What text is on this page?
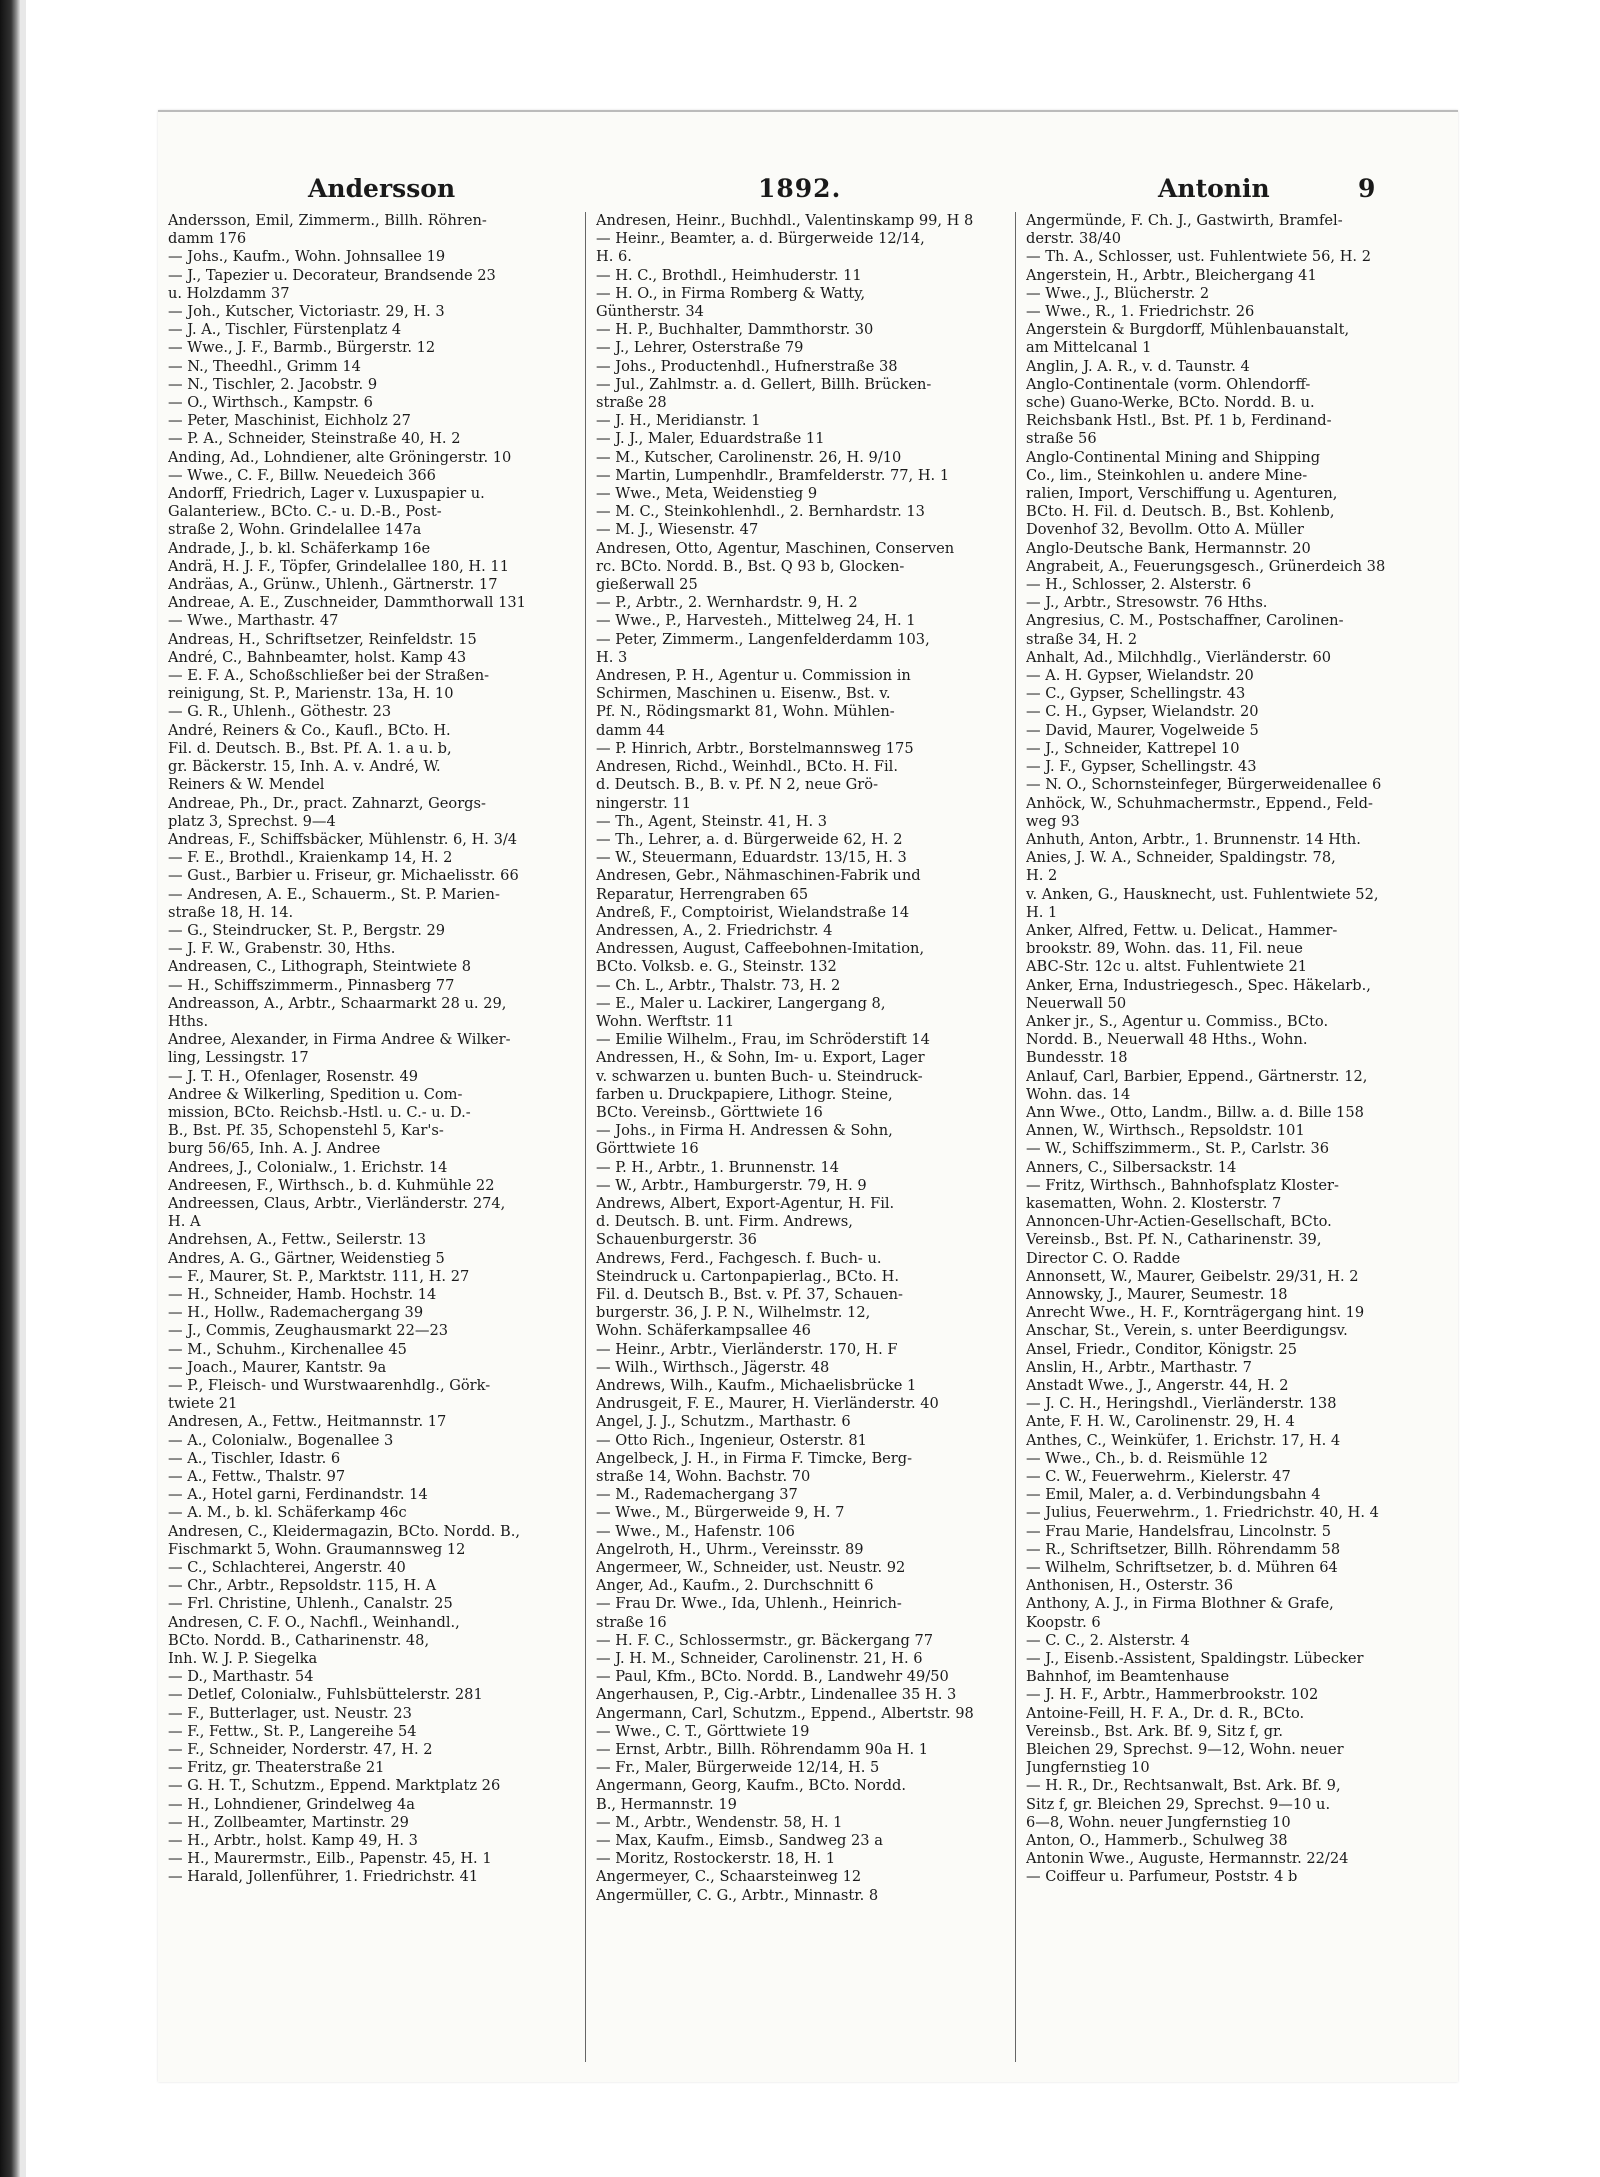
Andersson	1892.	Antonin	9
Andersson, Emil, Zimmerm., Billh. Röhren-
damm 176
— Johs., Kaufm., Wohn. Johnsallee 19
— J., Tapezier u. Decorateur, Brandsende 23
u. Holzdamm 37
— Joh., Kutscher, Victoriastr. 29, H. 3
— J. A., Tischler, Fürstenplatz 4
— Wwe., J. F., Barmb., Bürgerstr. 12
— N., Theedhl., Grimm 14
— N., Tischler, 2. Jacobstr. 9
— O., Wirthsch., Kampstr. 6
— Peter, Maschinist, Eichholz 27
— P. A., Schneider, Steinstraße 40, H. 2
Anding, Ad., Lohndiener, alte Gröningerstr. 10
— Wwe., C. F., Billw. Neuedeich 366
Andorff, Friedrich, Lager v. Luxuspapier u.
Galanteriew., BCto. C.- u. D.-B., Post-
straße 2, Wohn. Grindelallee 147a
Andrade, J., b. kl. Schäferkamp 16e
Andrä, H. J. F., Töpfer, Grindelallee 180, H. 11
Andräas, A., Grünw., Uhlenh., Gärtnerstr. 17
Andreae, A. E., Zuschneider, Dammthorwall 131
— Wwe., Marthastr. 47
Andreas, H., Schriftsetzer, Reinfeldstr. 15
André, C., Bahnbeamter, holst. Kamp 43
— E. F. A., Schoßschließer bei der Straßen-
reinigung, St. P., Marienstr. 13a, H. 10
— G. R., Uhlenh., Göthestr. 23
André, Reiners & Co., Kaufl., BCto. H.
Fil. d. Deutsch. B., Bst. Pf. A. 1. a u. b,
gr. Bäckerstr. 15, Inh. A. v. André, W.
Reiners & W. Mendel
Andreae, Ph., Dr., pract. Zahnarzt, Georgs-
platz 3, Sprechst. 9—4
Andreas, F., Schiffsbäcker, Mühlenstr. 6, H. 3/4
— F. E., Brothdl., Kraienkamp 14, H. 2
— Gust., Barbier u. Friseur, gr. Michaelisstr. 66
— Andresen, A. E., Schauerm., St. P. Marien-
straße 18, H. 14.
— G., Steindrucker, St. P., Bergstr. 29
— J. F. W., Grabenstr. 30, Hths.
Andreasen, C., Lithograph, Steintwiete 8
— H., Schiffszimmerm., Pinnasberg 77
Andreasson, A., Arbtr., Schaarmarkt 28 u. 29,
Hths.
Andree, Alexander, in Firma Andree & Wilker-
ling, Lessingstr. 17
— J. T. H., Ofenlager, Rosenstr. 49
Andree & Wilkerling, Spedition u. Com-
mission, BCto. Reichsb.-Hstl. u. C.- u. D.-
B., Bst. Pf. 35, Schopenstehl 5, Kar's-
burg 56/65, Inh. A. J. Andree
Andrees, J., Colonialw., 1. Erichstr. 14
Andreesen, F., Wirthsch., b. d. Kuhmühle 22
Andreessen, Claus, Arbtr., Vierländerstr. 274,
H. A
Andrehsen, A., Fettw., Seilerstr. 13
Andres, A. G., Gärtner, Weidenstieg 5
— F., Maurer, St. P., Marktstr. 111, H. 27
— H., Schneider, Hamb. Hochstr. 14
— H., Hollw., Rademachergang 39
— J., Commis, Zeughausmarkt 22—23
— M., Schuhm., Kirchenallee 45
— Joach., Maurer, Kantstr. 9a
— P., Fleisch- und Wurstwaarenhdlg., Görk-
twiete 21
Andresen, A., Fettw., Heitmannstr. 17
— A., Colonialw., Bogenallee 3
— A., Tischler, Idastr. 6
— A., Fettw., Thalstr. 97
— A., Hotel garni, Ferdinandstr. 14
— A. M., b. kl. Schäferkamp 46c
Andresen, C., Kleidermagazin, BCto. Nordd. B.,
Fischmarkt 5, Wohn. Graumannsweg 12
— C., Schlachterei, Angerstr. 40
— Chr., Arbtr., Repsoldstr. 115, H. A
— Frl. Christine, Uhlenh., Canalstr. 25
Andresen, C. F. O., Nachfl., Weinhandl.,
BCto. Nordd. B., Catharinenstr. 48,
Inh. W. J. P. Siegelka
— D., Marthastr. 54
— Detlef, Colonialw., Fuhlsbüttelerstr. 281
— F., Butterlager, ust. Neustr. 23
— F., Fettw., St. P., Langereihe 54
— F., Schneider, Norderstr. 47, H. 2
— Fritz, gr. Theaterstraße 21
— G. H. T., Schutzm., Eppend. Marktplatz 26
— H., Lohndiener, Grindelweg 4a
— H., Zollbeamter, Martinstr. 29
— H., Arbtr., holst. Kamp 49, H. 3
— H., Maurermstr., Eilb., Papenstr. 45, H. 1
— Harald, Jollenführer, 1. Friedrichstr. 41
Andresen, Heinr., Buchhdl., Valentinskamp 99, H 8
— Heinr., Beamter, a. d. Bürgerweide 12/14,
H. 6.
— H. C., Brothdl., Heimhuderstr. 11
— H. O., in Firma Romberg & Watty,
Güntherstr. 34
— H. P., Buchhalter, Dammthorstr. 30
— J., Lehrer, Osterstraße 79
— Johs., Productenhdl., Hufnerstraße 38
— Jul., Zahlmstr. a. d. Gellert, Billh. Brücken-
straße 28
— J. H., Meridianstr. 1
— J. J., Maler, Eduardstraße 11
— M., Kutscher, Carolinenstr. 26, H. 9/10
— Martin, Lumpenhdlr., Bramfelderstr. 77, H. 1
— Wwe., Meta, Weidenstieg 9
— M. C., Steinkohlenhdl., 2. Bernhardstr. 13
— M. J., Wiesenstr. 47
Andresen, Otto, Agentur, Maschinen, Conserven
rc. BCto. Nordd. B., Bst. Q 93 b, Glocken-
gießerwall 25
— P., Arbtr., 2. Wernhardstr. 9, H. 2
— Wwe., P., Harvesteh., Mittelweg 24, H. 1
— Peter, Zimmerm., Langenfelderdamm 103,
H. 3
Andresen, P. H., Agentur u. Commission in
Schirmen, Maschinen u. Eisenw., Bst. v.
Pf. N., Rödingsmarkt 81, Wohn. Mühlen-
damm 44
— P. Hinrich, Arbtr., Borstelmannsweg 175
Andresen, Richd., Weinhdl., BCto. H. Fil.
d. Deutsch. B., B. v. Pf. N 2, neue Grö-
ningerstr. 11
— Th., Agent, Steinstr. 41, H. 3
— Th., Lehrer, a. d. Bürgerweide 62, H. 2
— W., Steuermann, Eduardstr. 13/15, H. 3
Andresen, Gebr., Nähmaschinen-Fabrik und
Reparatur, Herrengraben 65
Andreß, F., Comptoirist, Wielandstraße 14
Andressen, A., 2. Friedrichstr. 4
Andressen, August, Caffeebohnen-Imitation,
BCto. Volksb. e. G., Steinstr. 132
— Ch. L., Arbtr., Thalstr. 73, H. 2
— E., Maler u. Lackirer, Langergang 8,
Wohn. Werftstr. 11
— Emilie Wilhelm., Frau, im Schröderstift 14
Andressen, H., & Sohn, Im- u. Export, Lager
v. schwarzen u. bunten Buch- u. Steindruck-
farben u. Druckpapiere, Lithogr. Steine,
BCto. Vereinsb., Görttwiete 16
— Johs., in Firma H. Andressen & Sohn,
Görttwiete 16
— P. H., Arbtr., 1. Brunnenstr. 14
— W., Arbtr., Hamburgerstr. 79, H. 9
Andrews, Albert, Export-Agentur, H. Fil.
d. Deutsch. B. unt. Firm. Andrews,
Schauenburgerstr. 36
Andrews, Ferd., Fachgesch. f. Buch- u.
Steindruck u. Cartonpapierlag., BCto. H.
Fil. d. Deutsch B., Bst. v. Pf. 37, Schauen-
burgerstr. 36, J. P. N., Wilhelmstr. 12,
Wohn. Schäferkampsallee 46
— Heinr., Arbtr., Vierländerstr. 170, H. F
— Wilh., Wirthsch., Jägerstr. 48
Andrews, Wilh., Kaufm., Michaelisbrücke 1
Andrusgeit, F. E., Maurer, H. Vierländerstr. 40
Angel, J. J., Schutzm., Marthastr. 6
— Otto Rich., Ingenieur, Osterstr. 81
Angelbeck, J. H., in Firma F. Timcke, Berg-
straße 14, Wohn. Bachstr. 70
— M., Rademachergang 37
— Wwe., M., Bürgerweide 9, H. 7
— Wwe., M., Hafenstr. 106
Angelroth, H., Uhrm., Vereinsstr. 89
Angermeer, W., Schneider, ust. Neustr. 92
Anger, Ad., Kaufm., 2. Durchschnitt 6
— Frau Dr. Wwe., Ida, Uhlenh., Heinrich-
straße 16
— H. F. C., Schlossermstr., gr. Bäckergang 77
— J. H. M., Schneider, Carolinenstr. 21, H. 6
— Paul, Kfm., BCto. Nordd. B., Landwehr 49/50
Angerhausen, P., Cig.-Arbtr., Lindenallee 35 H. 3
Angermann, Carl, Schutzm., Eppend., Albertstr. 98
— Wwe., C. T., Görttwiete 19
— Ernst, Arbtr., Billh. Röhrendamm 90a H. 1
— Fr., Maler, Bürgerweide 12/14, H. 5
Angermann, Georg, Kaufm., BCto. Nordd.
B., Hermannstr. 19
— M., Arbtr., Wendenstr. 58, H. 1
— Max, Kaufm., Eimsb., Sandweg 23 a
— Moritz, Rostockerstr. 18, H. 1
Angermeyer, C., Schaarsteinweg 12
Angermüller, C. G., Arbtr., Minnastr. 8
Angermünde, F. Ch. J., Gastwirth, Bramfel-
derstr. 38/40
— Th. A., Schlosser, ust. Fuhlentwiete 56, H. 2
Angerstein, H., Arbtr., Bleichergang 41
— Wwe., J., Blücherstr. 2
— Wwe., R., 1. Friedrichstr. 26
Angerstein & Burgdorff, Mühlenbauanstalt,
am Mittelcanal 1
Anglin, J. A. R., v. d. Taunstr. 4
Anglo-Continentale (vorm. Ohlendorff-
sche) Guano-Werke, BCto. Nordd. B. u.
Reichsbank Hstl., Bst. Pf. 1 b, Ferdinand-
straße 56
Anglo-Continental Mining and Shipping
Co., lim., Steinkohlen u. andere Mine-
ralien, Import, Verschiffung u. Agenturen,
BCto. H. Fil. d. Deutsch. B., Bst. Kohlenb,
Dovenhof 32, Bevollm. Otto A. Müller
Anglo-Deutsche Bank, Hermannstr. 20
Angrabeit, A., Feuerungsgesch., Grünerdeich 38
— H., Schlosser, 2. Alsterstr. 6
— J., Arbtr., Stresowstr. 76 Hths.
Angresius, C. M., Postschaffner, Carolinen-
straße 34, H. 2
Anhalt, Ad., Milchhdlg., Vierländerstr. 60
— A. H. Gypser, Wielandstr. 20
— C., Gypser, Schellingstr. 43
— C. H., Gypser, Wielandstr. 20
— David, Maurer, Vogelweide 5
— J., Schneider, Kattrepel 10
— J. F., Gypser, Schellingstr. 43
— N. O., Schornsteinfeger, Bürgerweidenallee 6
Anhöck, W., Schuhmachermstr., Eppend., Feld-
weg 93
Anhuth, Anton, Arbtr., 1. Brunnenstr. 14 Hth.
Anies, J. W. A., Schneider, Spaldingstr. 78,
H. 2
v. Anken, G., Hausknecht, ust. Fuhlentwiete 52,
H. 1
Anker, Alfred, Fettw. u. Delicat., Hammer-
brookstr. 89, Wohn. das. 11, Fil. neue
ABC-Str. 12c u. altst. Fuhlentwiete 21
Anker, Erna, Industriegesch., Spec. Häkelarb.,
Neuerwall 50
Anker jr., S., Agentur u. Commiss., BCto.
Nordd. B., Neuerwall 48 Hths., Wohn.
Bundesstr. 18
Anlauf, Carl, Barbier, Eppend., Gärtnerstr. 12,
Wohn. das. 14
Ann Wwe., Otto, Landm., Billw. a. d. Bille 158
Annen, W., Wirthsch., Repsoldstr. 101
— W., Schiffszimmerm., St. P., Carlstr. 36
Anners, C., Silbersackstr. 14
— Fritz, Wirthsch., Bahnhofsplatz Kloster-
kasematten, Wohn. 2. Klosterstr. 7
Annoncen-Uhr-Actien-Gesellschaft, BCto.
Vereinsb., Bst. Pf. N., Catharinenstr. 39,
Director C. O. Radde
Annonsett, W., Maurer, Geibelstr. 29/31, H. 2
Annowsky, J., Maurer, Seumestr. 18
Anrecht Wwe., H. F., Kornträgergang hint. 19
Anschar, St., Verein, s. unter Beerdigungsv.
Ansel, Friedr., Conditor, Königstr. 25
Anslin, H., Arbtr., Marthastr. 7
Anstadt Wwe., J., Angerstr. 44, H. 2
— J. C. H., Heringshdl., Vierländerstr. 138
Ante, F. H. W., Carolinenstr. 29, H. 4
Anthes, C., Weinküfer, 1. Erichstr. 17, H. 4
— Wwe., Ch., b. d. Reismühle 12
— C. W., Feuerwehrm., Kielerstr. 47
— Emil, Maler, a. d. Verbindungsbahn 4
— Julius, Feuerwehrm., 1. Friedrichstr. 40, H. 4
— Frau Marie, Handelsfrau, Lincolnstr. 5
— R., Schriftsetzer, Billh. Röhrendamm 58
— Wilhelm, Schriftsetzer, b. d. Mühren 64
Anthonisen, H., Osterstr. 36
Anthony, A. J., in Firma Blothner & Grafe,
Koopstr. 6
— C. C., 2. Alsterstr. 4
— J., Eisenb.-Assistent, Spaldingstr. Lübecker
Bahnhof, im Beamtenhause
— J. H. F., Arbtr., Hammerbrookstr. 102
Antoine-Feill, H. F. A., Dr. d. R., BCto.
Vereinsb., Bst. Ark. Bf. 9, Sitz f, gr.
Bleichen 29, Sprechst. 9—12, Wohn. neuer
Jungfernstieg 10
— H. R., Dr., Rechtsanwalt, Bst. Ark. Bf. 9,
Sitz f, gr. Bleichen 29, Sprechst. 9—10 u.
6—8, Wohn. neuer Jungfernstieg 10
Anton, O., Hammerb., Schulweg 38
Antonin Wwe., Auguste, Hermannstr. 22/24
— Coiffeur u. Parfumeur, Poststr. 4 b
